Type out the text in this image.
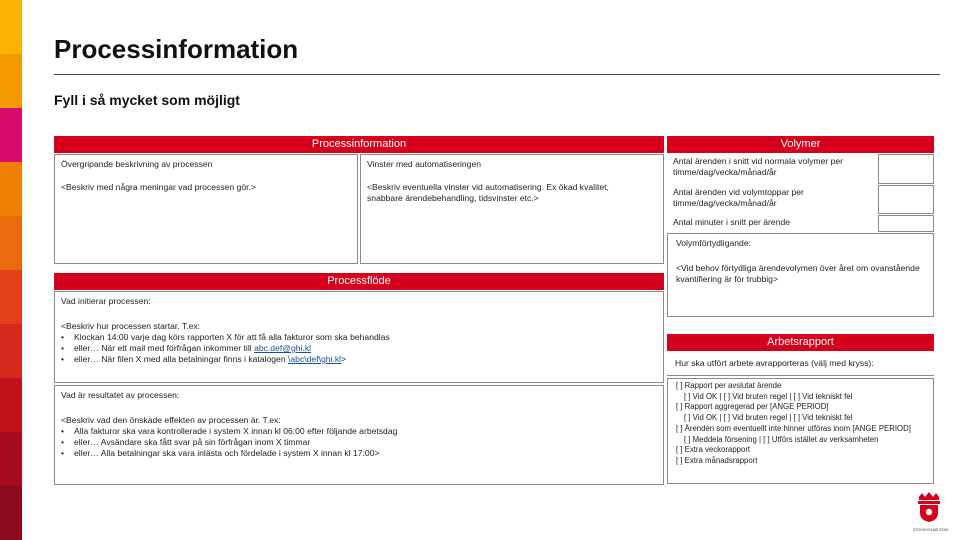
Processinformation
Fyll i så mycket som möjligt
Processinformation

Övergripande beskrivning av processen

<Beskriv med några meningar vad processen gör.>

Vinster med automatiseringen

<Beskriv eventuella vinster vid automatisering. Ex ökad kvalitet,

snabbare ärendebehandling, tidsvinster etc.>

Processflöde

Vad initierar processen:

<Beskriv hur processen startar. T.ex:

•	Klockan 14:00 varje dag körs rapporten X för att få alla fakturor som ska behandlas
•	eller… När ett mail med förfrågan inkommer till abc.def@ghi.kl
•	eller… När filen X med alla betalningar finns i katalogen \abc\def\ghi.kl>

Vad är resultatet av processen:

<Beskriv vad den önskade effekten av processen är. T.ex:

•	Alla fakturor ska vara kontrollerade i system X innan kl 06:00 efter följande arbetsdag
•	eller… Avsändare ska fått svar på sin förfrågan inom X timmar
•	eller… Alla betalningar ska vara inlästa och fördelade i system X innan kl 17:00>
Volymer
Antal ärenden i snitt vid normala volymer per timme/dag/vecka/månad/år
Antal ärenden vid volymtoppar per timme/dag/vecka/månad/år
Antal minuter i snitt per ärende

Volymförtydligande:

<Vid behov förtydliga ärendevolymen över året om ovanstående kvantifiering är för trubbig>

Arbetsrapport
Hur ska utfört arbete avrapporteras (välj med kryss):

[ ] Rapport per avslutat ärende

[ ] Vid OK | [ ] Vid bruten regel | [ ] Vid tekniskt fel

[ ] Rapport aggregerad per [ANGE PERIOD]

[ ] Vid OK | [ ] Vid bruten regel | [ ] Vid tekniskt fel

[ ] Ärenden som eventuellt inte hinner utföras inom [ANGE PERIOD]

[ ] Meddela försening | [ ] Utförs istället av verksamheten

[ ] Extra veckorapport

[ ] Extra månadsrapport

STOCKHOLMS STAD
